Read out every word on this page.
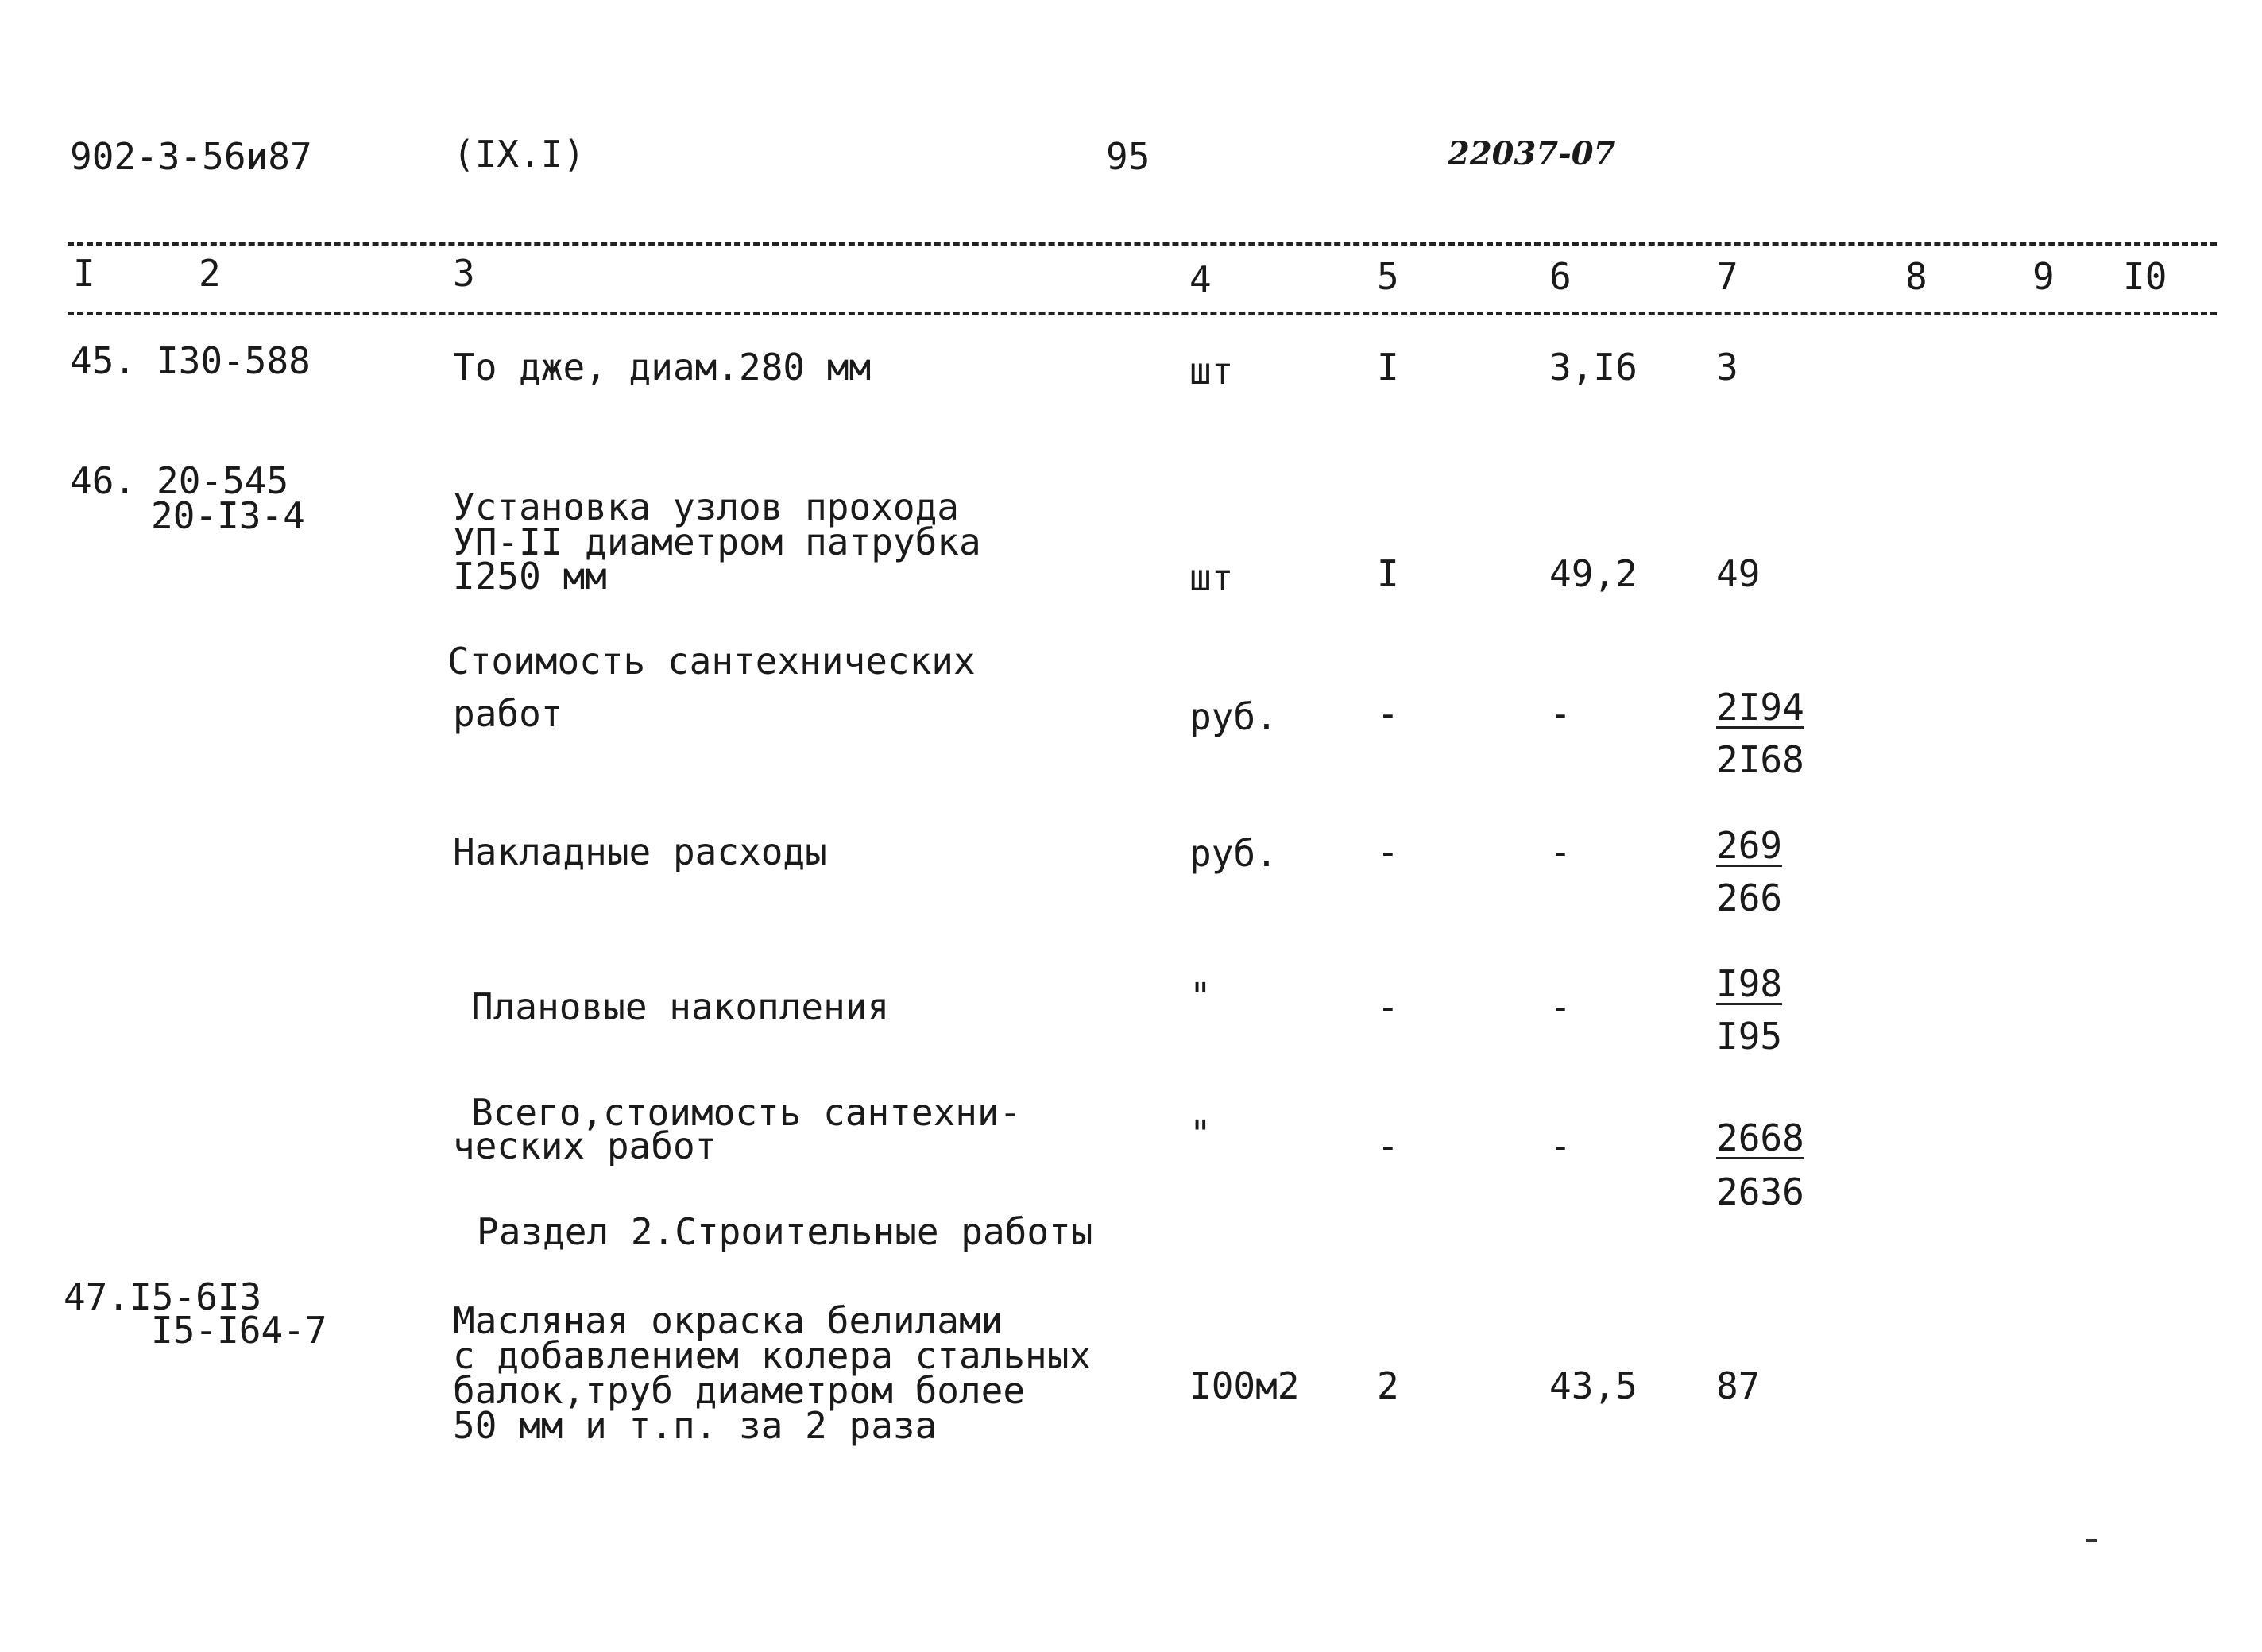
902-3-56и87	(IX.I)	95	22037-07
I	2	3	4	5	6	7	8	9 I0
45. I30-588	То дже, диам.280 мм	шт	I	3,I6 3
46. 20-545
20-I3-4	Установка узлов прохода
УП-II диаметром патрубка
I250 мм	шт	I	49,2 49
Стоимость сантехнических
работ	руб.	-	-	2I94
2I68
Накладные расходы	руб.	-	-	269
266
Плановые накопления	"	-	-
I98
I95
Всего,стоимость сантехни-
ческих работ	"	-	-	2668
2636
Раздел 2.Строительные работы
47.I5-6I3
I5-I64-7	Масляная окраска белилами
с добавлением колера стальных
балок,труб диаметром более
50 мм и т.п. за 2 раза
I00м2 2	43,5 87
